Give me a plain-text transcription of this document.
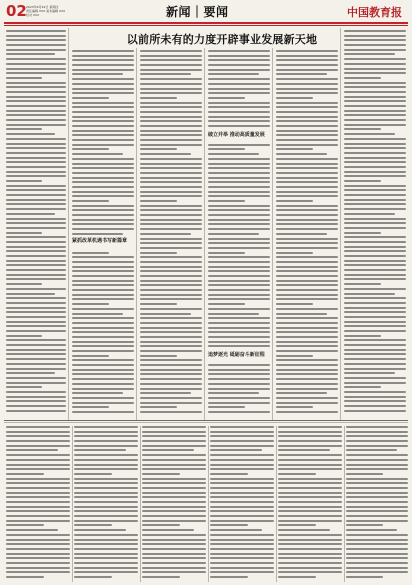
02 2023年6月29日 星期四
责任编辑 XXX 美术编辑 XXX
校对 XXX	新闻｜要闻	中国教育报
以前所未有的力度开辟事业发展新天地
紧抓改革机遇书写新篇章
破立并举 推动高质量发展
追梦逐光 砥砺奋斗新征程
